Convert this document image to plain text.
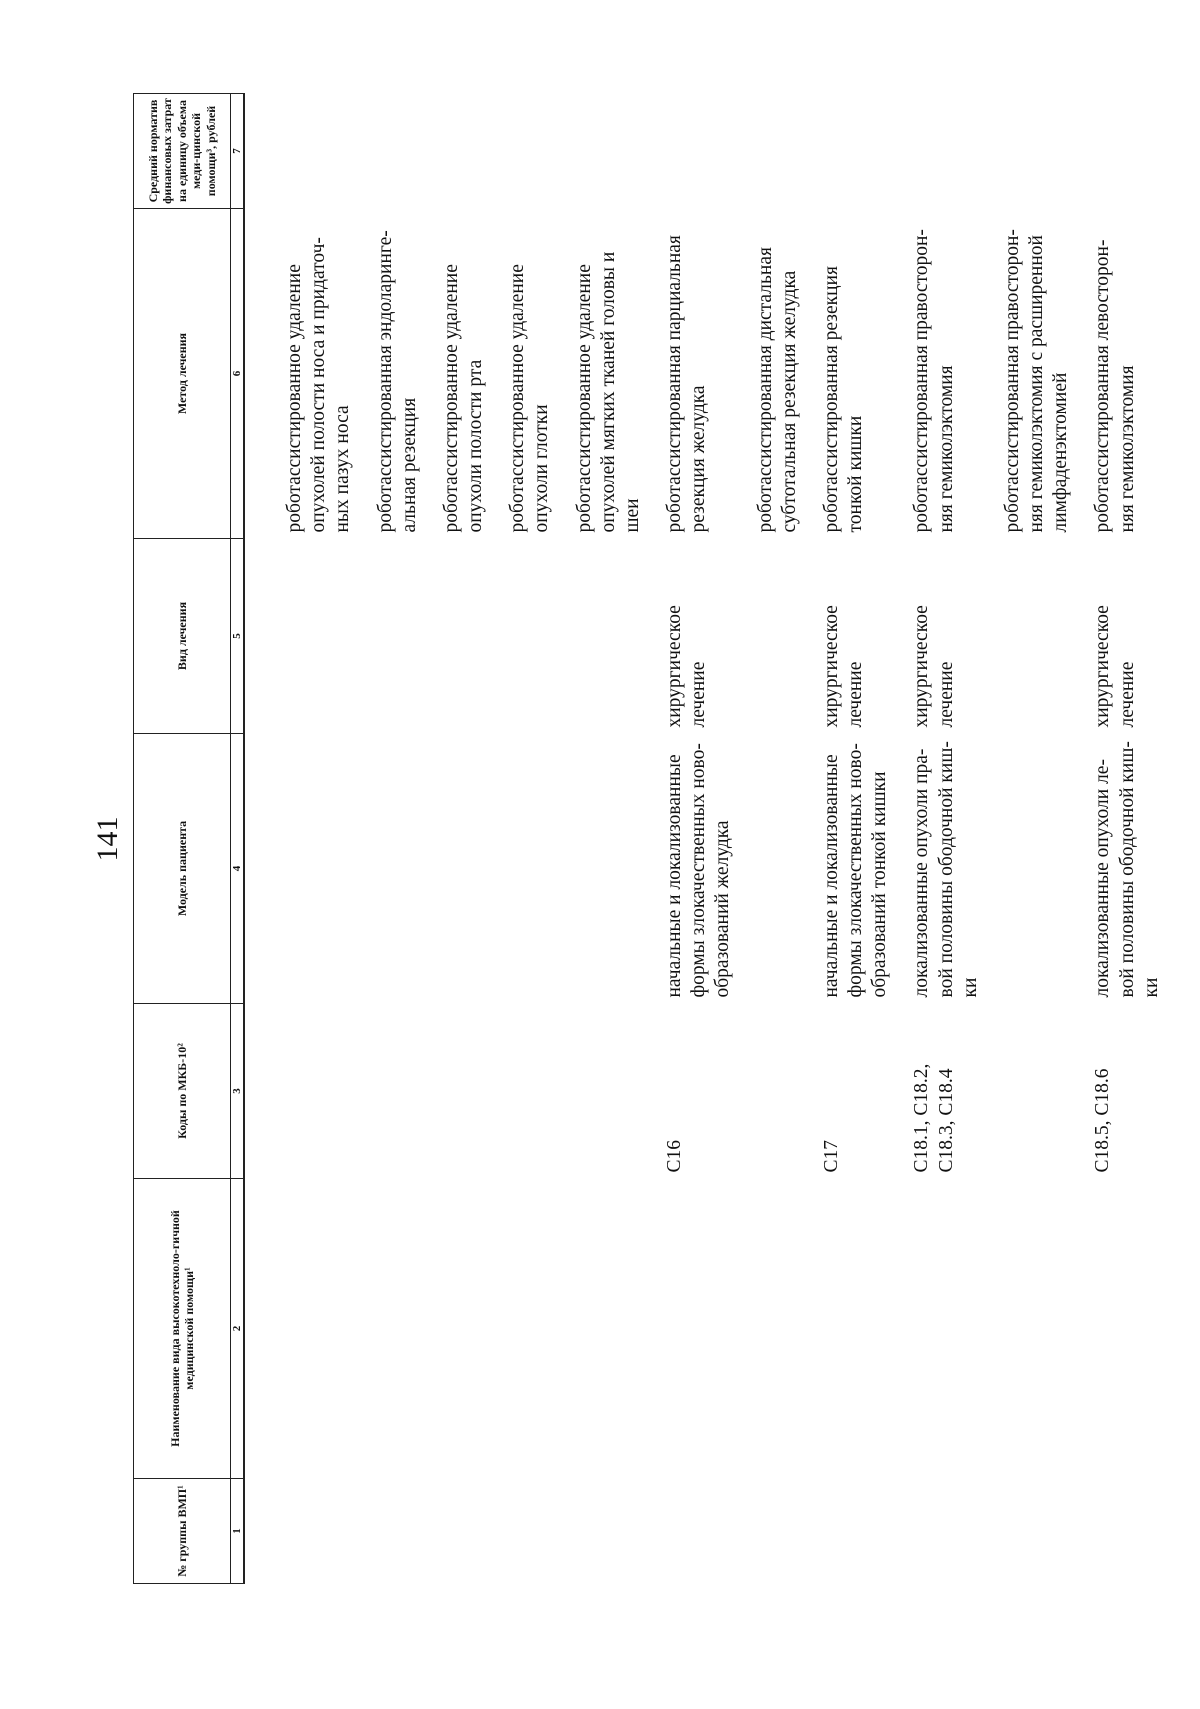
141
№ группы ВМП¹	Наименование вида высокотехноло-гичной медицинской помощи¹	Коды по МКБ-10²	Модель пациента	Вид лечения	Метод лечения	Средний норматив финансовых затрат на единицу объема меди-цинской помощи³, рублей
1	2	3	4	5	6	7

					роботассистированное удаление опухолей полости носа и придаточ-ных пазух носа	

					роботассистированная эндоларинге-альная резекция	

					роботассистированное удаление опухоли полости рта	

					роботассистированное удаление опухоли глотки	

					роботассистированное удаление опухолей мягких тканей головы и шеи	

		C16	начальные и локализованные формы злокачественных ново-образований желудка	хирургическое лечение	роботассистированная парциальная резекция желудка	

					роботассистированная дистальная субтотальная резекция желудка	

		C17	начальные и локализованные формы злокачественных ново-образований тонкой кишки	хирургическое лечение	роботассистированная резекция тонкой кишки	

		C18.1, C18.2, C18.3, C18.4	локализованные опухоли пра-вой половины ободочной киш-ки	хирургическое лечение	роботассистированная правосторон-няя гемиколэктомия	

					роботассистированная правосторон-няя гемиколэктомия с расширенной лимфаденэктомией	

		C18.5, C18.6	локализованные опухоли ле-вой половины ободочной киш-ки	хирургическое лечение	роботассистированная левосторон-няя гемиколэктомия	
